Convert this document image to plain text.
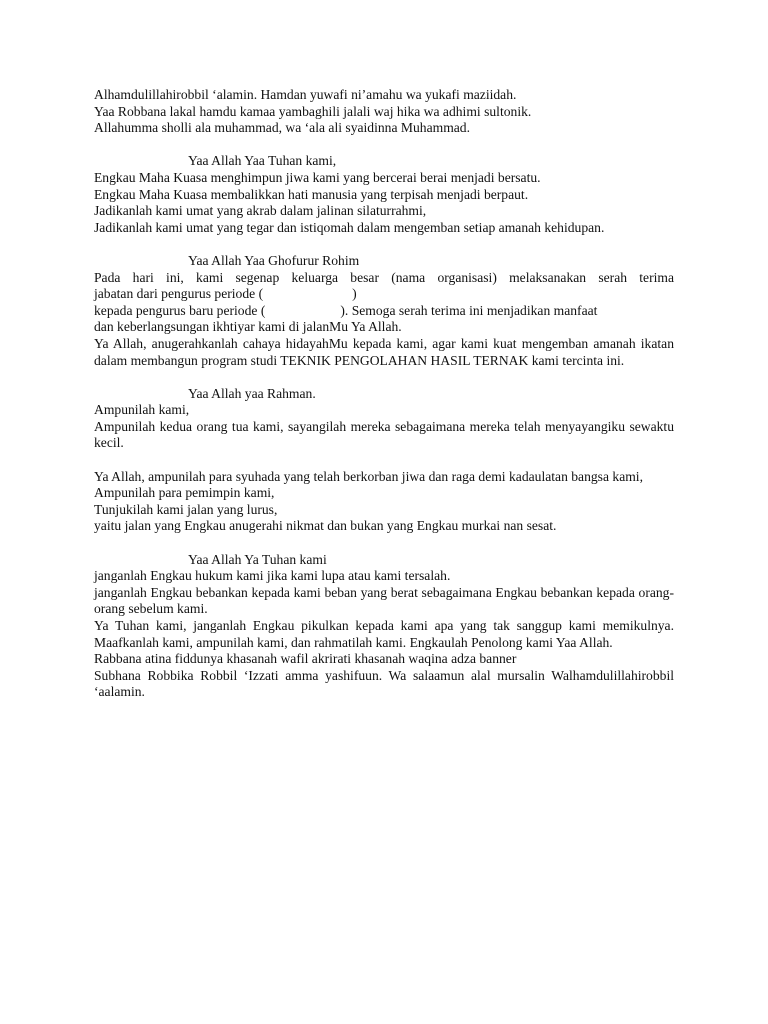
Alhamdulillahirobbil ‘alamin. Hamdan yuwafi ni’amahu wa yukafi maziidah.
Yaa Robbana lakal hamdu kamaa yambaghili jalali waj hika wa adhimi sultonik.
Allahumma sholli ala muhammad, wa ‘ala ali syaidinna Muhammad.
Yaa Allah Yaa Tuhan kami,
Engkau Maha Kuasa menghimpun jiwa kami yang bercerai berai menjadi bersatu.
Engkau Maha Kuasa membalikkan hati manusia yang terpisah menjadi berpaut.
Jadikanlah kami umat yang akrab dalam jalinan silaturrahmi,
Jadikanlah kami umat yang tegar dan istiqomah dalam mengemban setiap amanah kehidupan.
Yaa Allah Yaa Ghofurur Rohim
Pada hari ini, kami segenap keluarga besar (nama organisasi) melaksanakan serah terima
jabatan dari pengurus periode (	)
kepada pengurus baru periode (	). Semoga serah terima ini menjadikan manfaat
dan keberlangsungan ikhtiyar kami di jalanMu Ya Allah.
Ya Allah, anugerahkanlah cahaya hidayahMu kepada kami, agar kami kuat mengemban amanah ikatan dalam membangun program studi TEKNIK PENGOLAHAN HASIL TERNAK kami tercinta ini.
Yaa Allah yaa Rahman.
Ampunilah kami,
Ampunilah kedua orang tua kami, sayangilah mereka sebagaimana mereka telah menyayangiku sewaktu kecil.
Ya Allah, ampunilah para syuhada yang telah berkorban jiwa dan raga demi kadaulatan bangsa kami,
Ampunilah para pemimpin kami,
Tunjukilah kami jalan yang lurus,
yaitu jalan yang Engkau anugerahi nikmat dan bukan yang Engkau murkai nan sesat.
Yaa Allah Ya Tuhan kami
janganlah Engkau hukum kami jika kami lupa atau kami tersalah.
janganlah Engkau bebankan kepada kami beban yang berat sebagaimana Engkau bebankan kepada orang-orang sebelum kami.
Ya Tuhan kami, janganlah Engkau pikulkan kepada kami apa yang tak sanggup kami memikulnya. Maafkanlah kami, ampunilah kami, dan rahmatilah kami. Engkaulah Penolong kami Yaa Allah.
Rabbana atina fiddunya khasanah wafil akrirati khasanah waqina adza banner
Subhana Robbika Robbil ‘Izzati amma yashifuun. Wa salaamun alal mursalin Walhamdulillahirobbil ‘aalamin.
